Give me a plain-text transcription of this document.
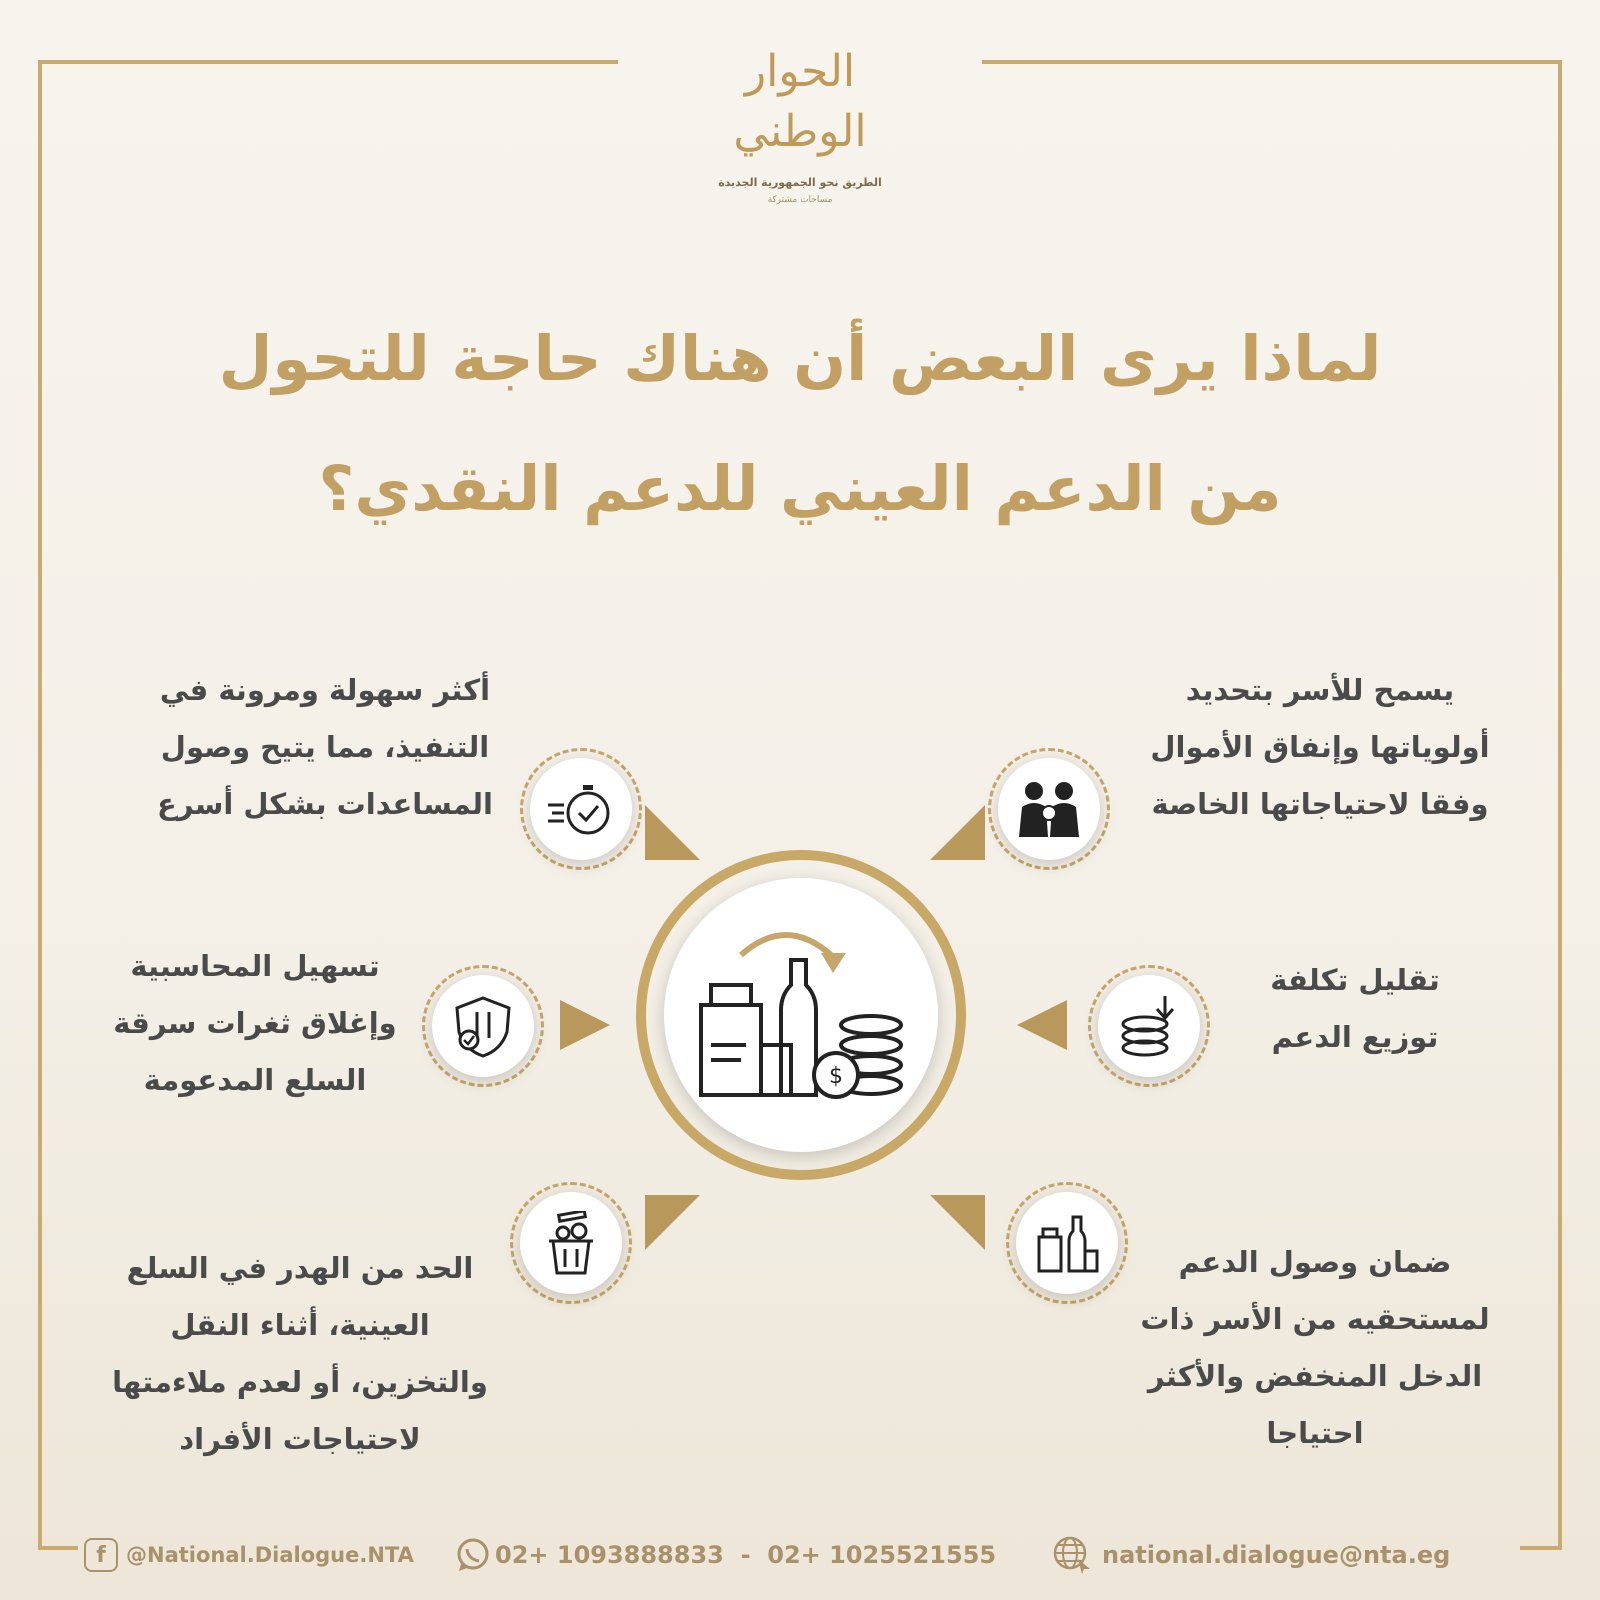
الحوار الوطني
الطريق نحو الجمهورية الجديدة
مساحات مشتركة
لماذا يرى البعض أن هناك حاجة للتحول
من الدعم العيني للدعم النقدي؟
$
يسمح للأسر بتحديد
أولوياتها وإنفاق الأموال
وفقا لاحتياجاتها الخاصة
أكثر سهولة ومرونة في
التنفيذ، مما يتيح وصول
المساعدات بشكل أسرع
تقليل تكلفة
توزيع الدعم
تسهيل المحاسبية
وإغلاق ثغرات سرقة
السلع المدعومة
ضمان وصول الدعم
لمستحقيه من الأسر ذات
الدخل المنخفض والأكثر
احتياجا
الحد من الهدر في السلع
العينية، أثناء النقل
والتخزين، أو لعدم ملاءمتها
لاحتياجات الأفراد
f @National.Dialogue.NTA	02+ 1093888833  -  02+ 1025521555	national.dialogue@nta.eg
